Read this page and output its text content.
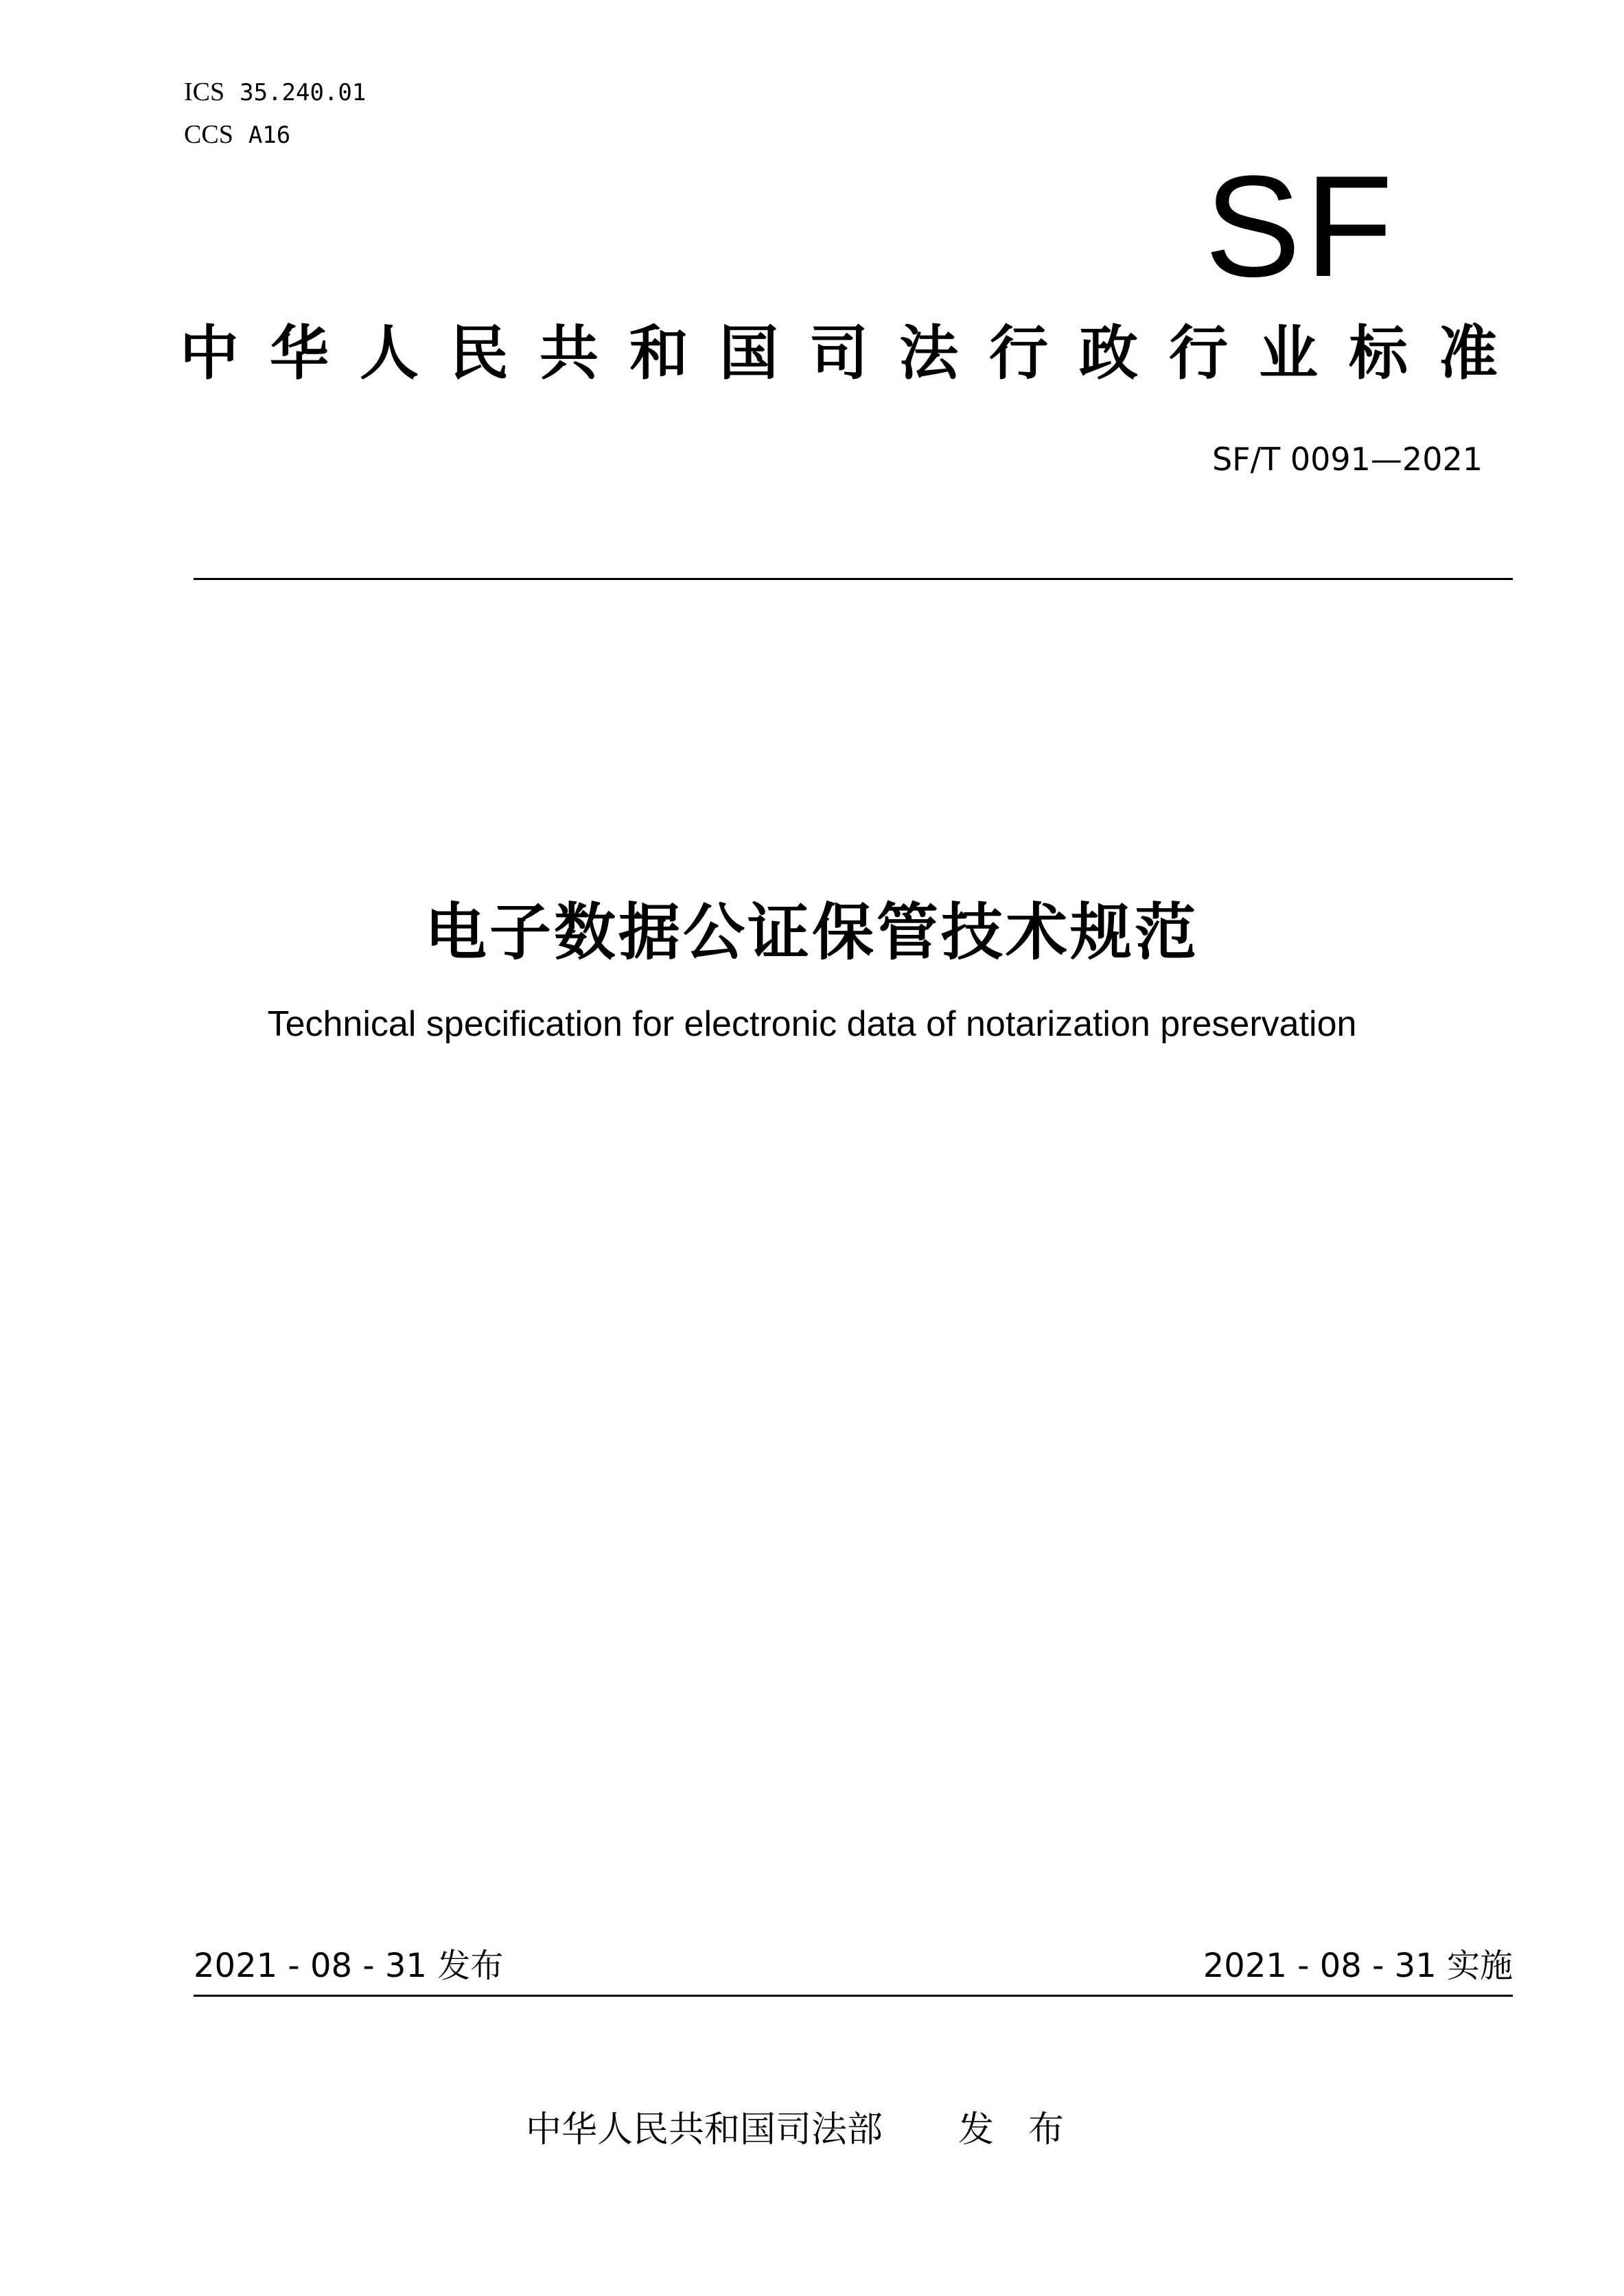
ICS 35.240.01
CCS A16
SF
中华人民共和国司法行政行业标准
SF/T 0091—2021
电子数据公证保管技术规范
Technical specification for electronic data of notarization preservation
2021 - 08 - 31 发布	2021 - 08 - 31 实施
中华人民共和国司法部 发布
